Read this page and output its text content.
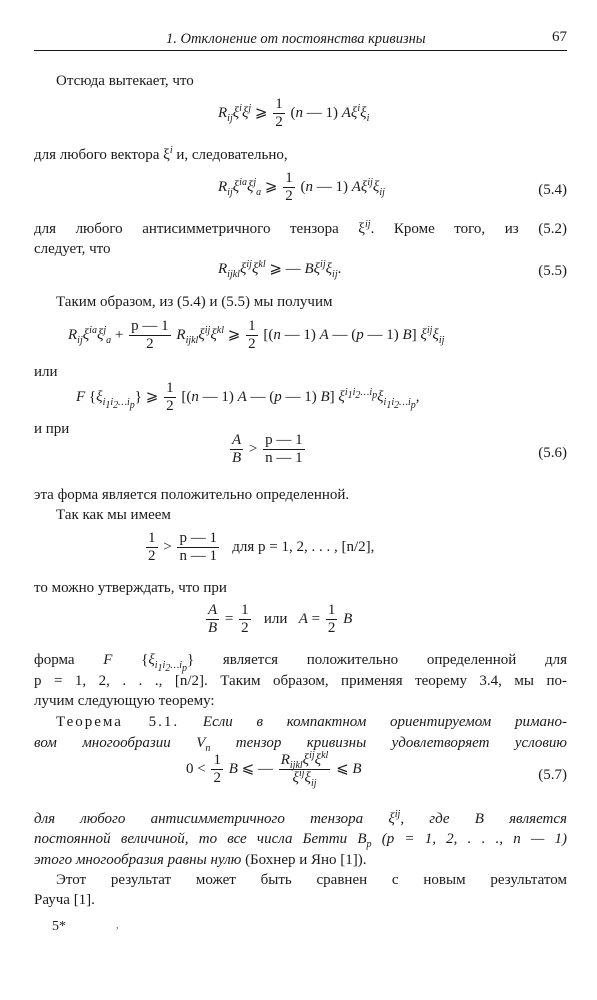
1. Отклонение от постоянства кривизны	67
Отсюда вытекает, что
$R_{ij}\xi^i\xi^j$ ⩾ $\frac{1}{2} (n$ — 1) $A\xi^i\xi_i$
для любого вектора $\xi^i$ и, следовательно,
$R_{ij}\xi^{ia}\xi^j_a$ ⩾ $\frac{1}{2} (n$ — 1) $A\xi^{ij}\xi_{ij}$	(5.4)
для любого антисимметричного тензора $\xi^{ij}$. Кроме того, из (5.2)
следует, что
$R_{ijkl}\xi^{ij}\xi^{kl}$ ⩾ — $B\xi^{ij}\xi_{ij}$.	(5.5)
Таким образом, из (5.4) и (5.5) мы получим
$R_{ij}\xi^{ia}\xi^j_a + \frac{p — 1}{2} R_{ijkl}\xi^{ij}\xi^{kl}$ ⩾ $\frac{1}{2} [(n$ — 1) A — (p — 1) B] $\xi^{ij}\xi_{ij}$
или
F $\{\xi_{i_1i_2\dots i_p}\}$ ⩾ $\frac{1}{2} [(n$ — 1) A — (p — 1) B] $\xi^{i_1i_2\dots i_p}\xi_{i_1i_2\dots i_p}$,
и при
$\frac{A}{B} > \frac{p — 1}{n — 1}$	(5.6)
эта форма является положительно определенной.
Так как мы имеем
$\frac{1}{2} > \frac{p — 1}{n — 1}$ для p = 1, 2, . . . , [n/2],
то можно утверждать, что при
$\frac{A}{B} = \frac{1}{2}$ или $A = \frac{1}{2}$ B
форма F $\{\xi_{i_1i_2\dots i_p}\}$ является положительно определенной для
p = 1, 2, . . ., [n/2]. Таким образом, применяя теорему 3.4, мы по-
лучим следующую теорему:
Теорема 5.1. Если в компактном ориентируемом римано-
вом многообразии $V_n$ тензор кривизны удовлетворяет условию
$0 < \frac{1}{2}$ B ⩽ —
$R_{ijkl}\xi^{ij}\xi^{kl}$
$\xi^{ij}\xi_{ij}$
⩽ B	(5.7)
для любого антисимметричного тензора $\xi^{ij}$, где B является
постоянной величиной, то все числа Бетти $B_p$ (p = 1, 2, . . ., n — 1)
этого многообразия равны нулю (Бохнер и Яно [1]).
Этот результат может быть сравнен с новым результатом
Рауча [1].
5*	,
